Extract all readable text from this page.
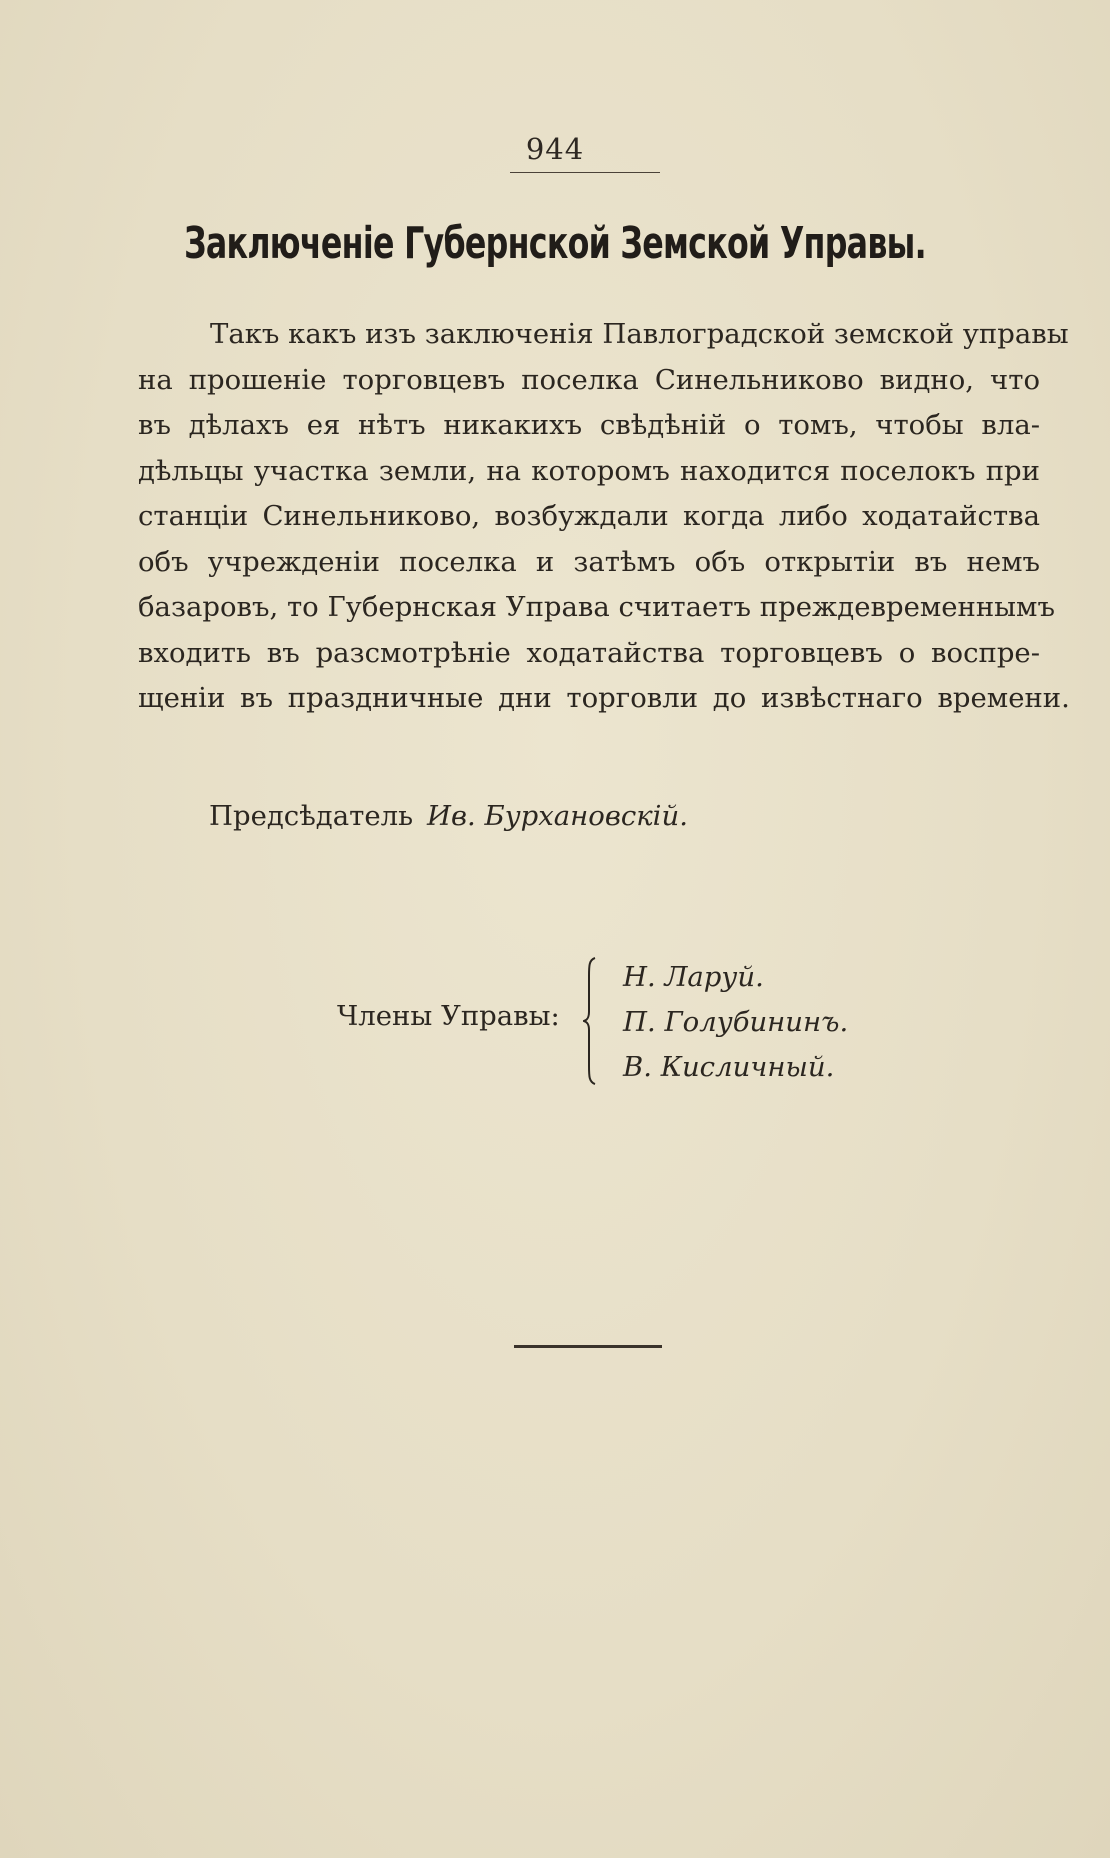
944
Заключеніе Губернской Земской Управы.
Такъ какъ изъ заключенія Павлоградской земской управы
на прошеніе торговцевъ поселка Синельниково видно, что
въ дѣлахъ ея нѣтъ никакихъ свѣдѣній о томъ, чтобы вла-
дѣльцы участка земли, на которомъ находится поселокъ при
станціи Синельниково, возбуждали когда либо ходатайства
объ учрежденіи поселка и затѣмъ объ открытіи въ немъ
базаровъ, то Губернская Управа считаетъ преждевременнымъ
входить въ разсмотрѣніе ходатайства торговцевъ о воспре-
щеніи въ праздничные дни торговли до извѣстнаго времени.
Предсѣдатель Ив. Бурхановскій.
Члены Управы:
Н. Ларуй.
П. Голубининъ.
В. Кисличный.
